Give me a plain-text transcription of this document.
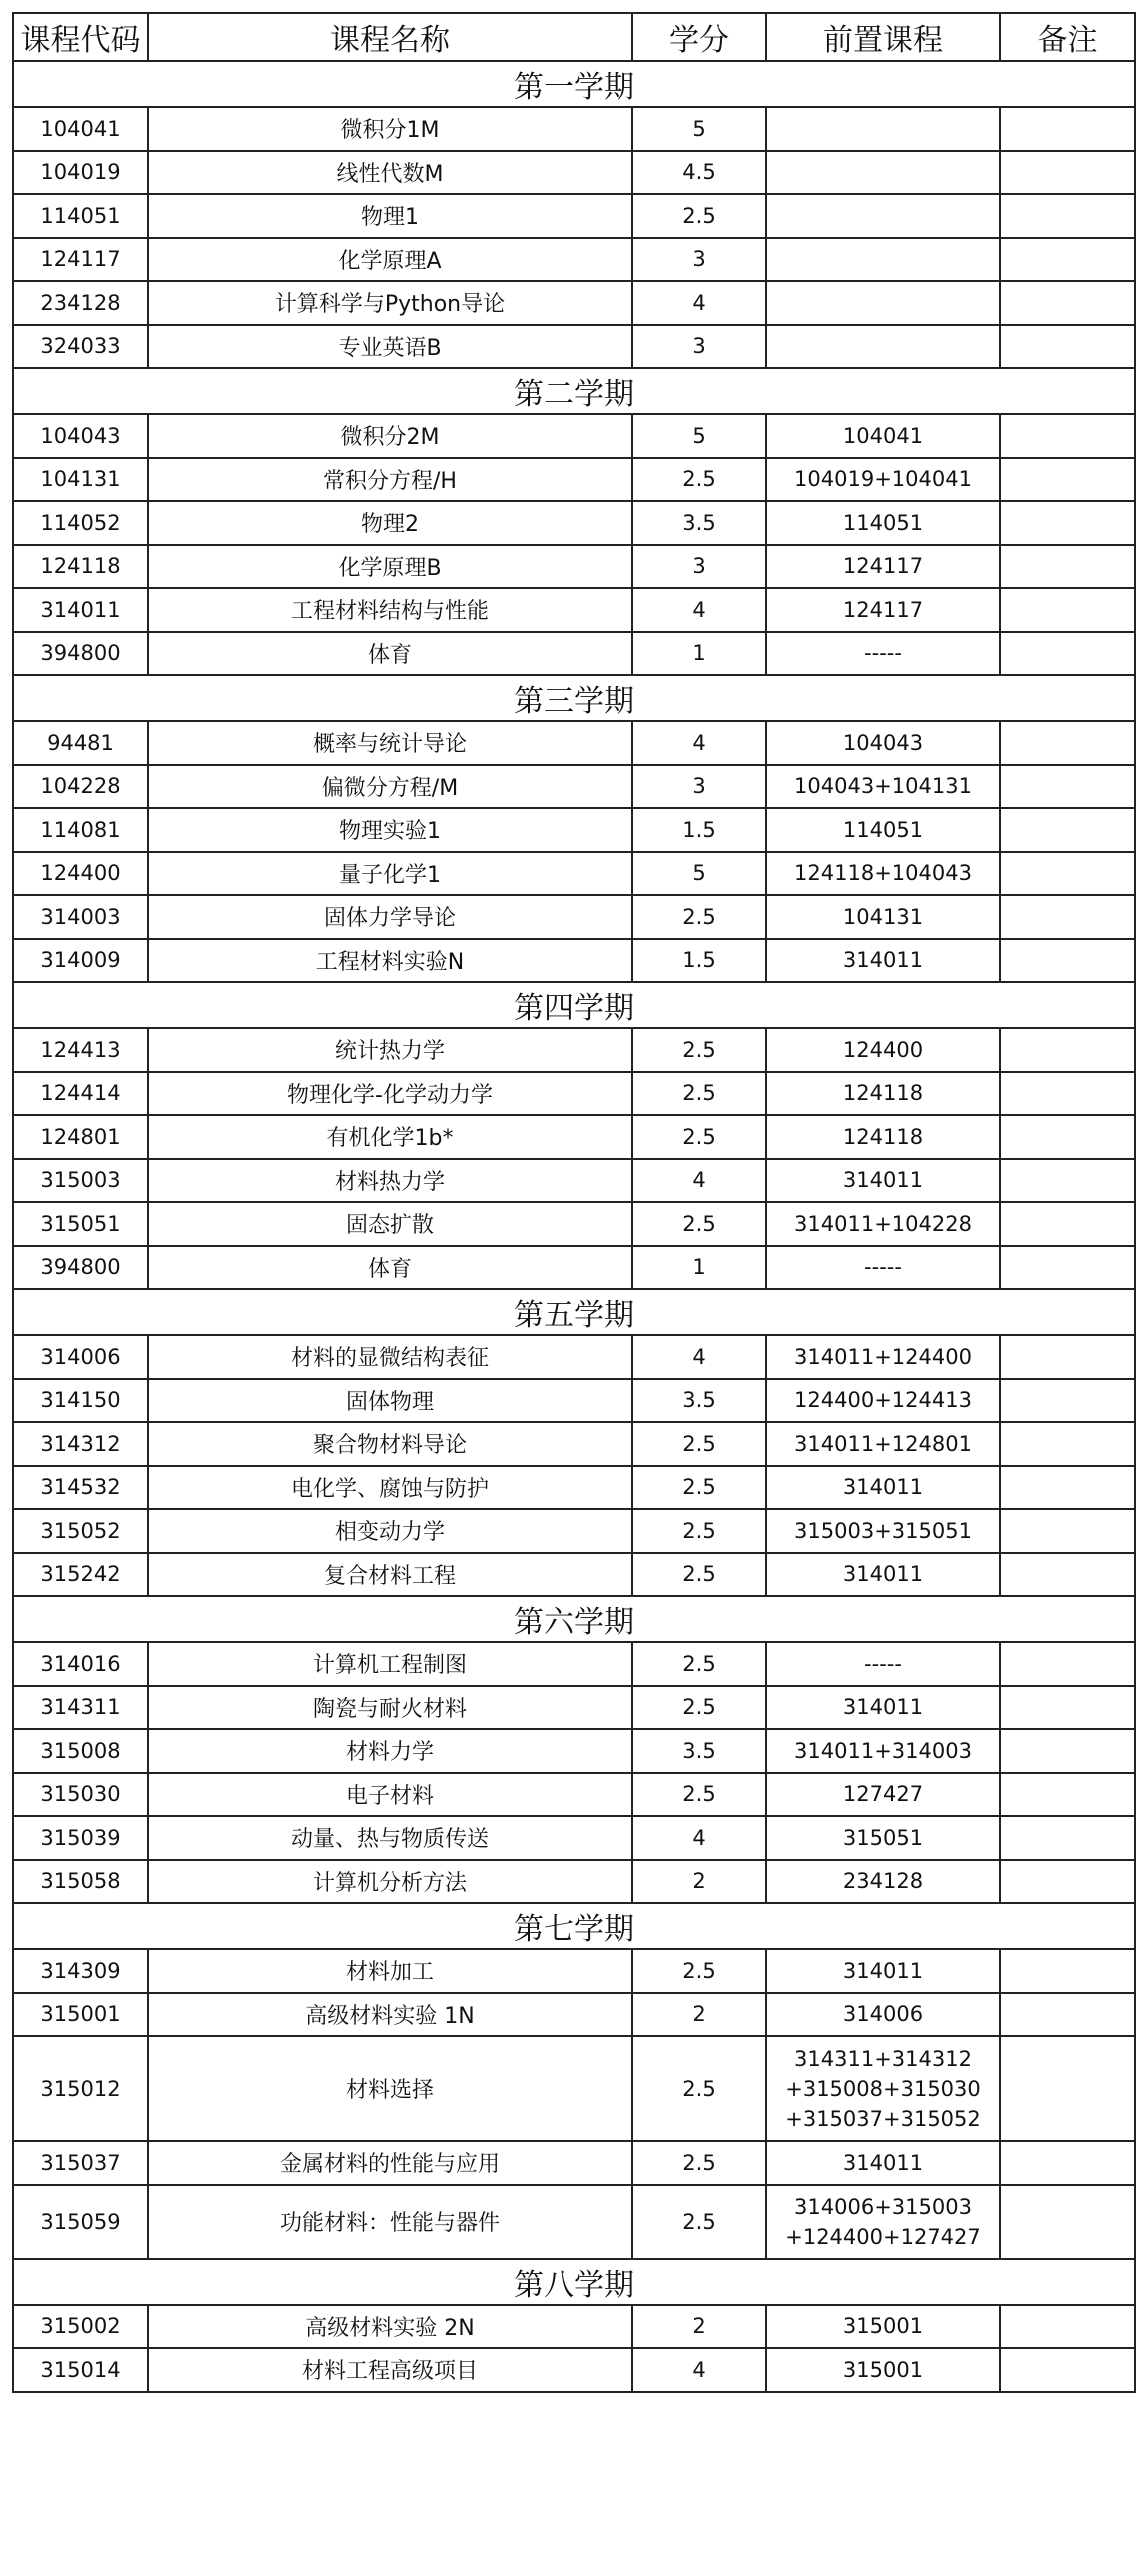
课程代码	课程名称	学分	前置课程	备注
第一学期				
104041	微积分1M	5		
104019	线性代数M	4.5		
114051	物理1	2.5		
124117	化学原理A	3		
234128	计算科学与Python导论	4		
324033	专业英语B	3		
第二学期				
104043	微积分2M	5	104041	

104131	常积分方程/H	2.5	104019+104041	

114052	物理2	3.5	114051	

124118	化学原理B	3	124117	

314011	工程材料结构与性能	4	124117	

394800	体育	1	-----	

第三学期				
94481	概率与统计导论	4	104043	

104228	偏微分方程/M	3	104043+104131	

114081	物理实验1	1.5	114051	

124400	量子化学1	5	124118+104043	

314003	固体力学导论	2.5	104131	

314009	工程材料实验N	1.5	314011	

第四学期				
124413	统计热力学	2.5	124400	

124414	物理化学-化学动力学	2.5	124118	

124801	有机化学1b*	2.5	124118	

315003	材料热力学	4	314011	

315051	固态扩散	2.5	314011+104228	

394800	体育	1	-----	

第五学期				
314006	材料的显微结构表征	4	314011+124400	

314150	固体物理	3.5	124400+124413	

314312	聚合物材料导论	2.5	314011+124801	

314532	电化学、腐蚀与防护	2.5	314011	

315052	相变动力学	2.5	315003+315051	

315242	复合材料工程	2.5	314011	

第六学期				
314016	计算机工程制图	2.5	-----	

314311	陶瓷与耐火材料	2.5	314011	

315008	材料力学	3.5	314011+314003	

315030	电子材料	2.5	127427	

315039	动量、热与物质传送	4	315051	

315058	计算机分析方法	2	234128	

第七学期				
314309	材料加工	2.5	314011	

315001	高级材料实验 1N	2	314006	

315012	材料选择	2.5	314311+314312
+315008+315030
+315037+315052	

315037	金属材料的性能与应用	2.5	314011	

315059	功能材料：性能与器件	2.5	314006+315003
+124400+127427	

第八学期				
315002	高级材料实验 2N	2	315001	

315014	材料工程高级项目	4	315001	
